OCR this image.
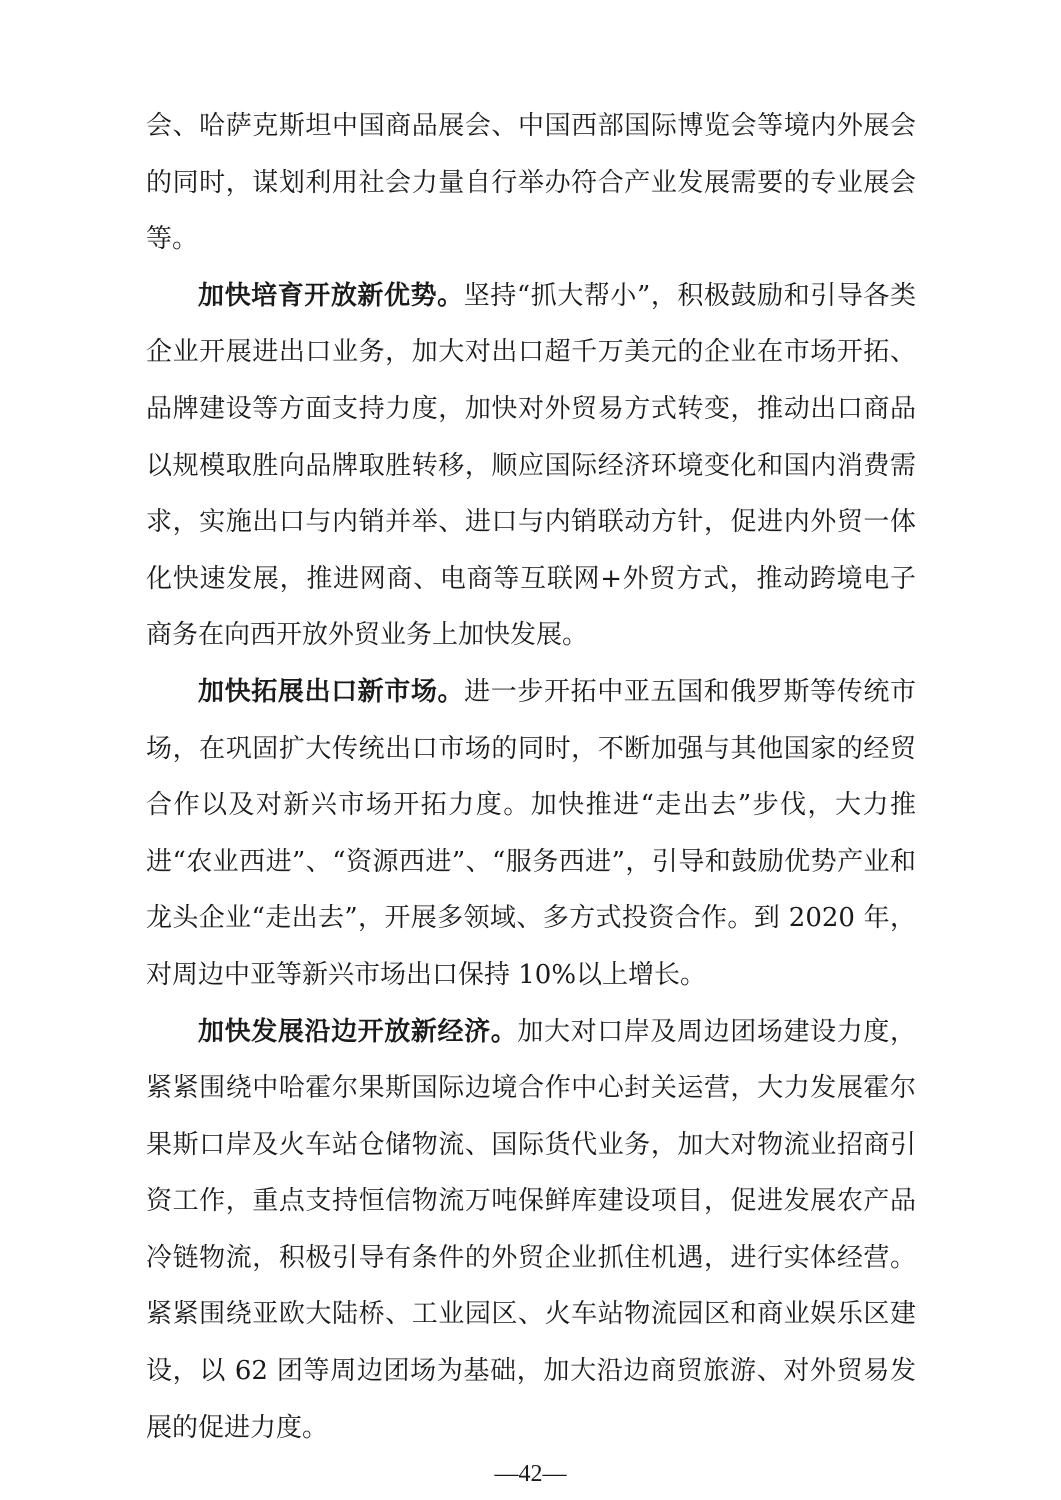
会、哈萨克斯坦中国商品展会、中国西部国际博览会等境内外展会的同时，谋划利用社会力量自行举办符合产业发展需要的专业展会等。

加快培育开放新优势。坚持“抓大帮小”，积极鼓励和引导各类企业开展进出口业务，加大对出口超千万美元的企业在市场开拓、品牌建设等方面支持力度，加快对外贸易方式转变，推动出口商品以规模取胜向品牌取胜转移，顺应国际经济环境变化和国内消费需求，实施出口与内销并举、进口与内销联动方针，促进内外贸一体化快速发展，推进网商、电商等互联网+外贸方式，推动跨境电子商务在向西开放外贸业务上加快发展。

加快拓展出口新市场。进一步开拓中亚五国和俄罗斯等传统市场，在巩固扩大传统出口市场的同时，不断加强与其他国家的经贸合作以及对新兴市场开拓力度。加快推进“走出去”步伐，大力推进“农业西进”、“资源西进”、“服务西进”，引导和鼓励优势产业和龙头企业“走出去”，开展多领域、多方式投资合作。到 2020 年，对周边中亚等新兴市场出口保持 10%以上增长。

加快发展沿边开放新经济。加大对口岸及周边团场建设力度，紧紧围绕中哈霍尔果斯国际边境合作中心封关运营，大力发展霍尔果斯口岸及火车站仓储物流、国际货代业务，加大对物流业招商引资工作，重点支持恒信物流万吨保鲜库建设项目，促进发展农产品冷链物流，积极引导有条件的外贸企业抓住机遇，进行实体经营。紧紧围绕亚欧大陆桥、工业园区、火车站物流园区和商业娱乐区建设，以 62 团等周边团场为基础，加大沿边商贸旅游、对外贸易发展的促进力度。

—42—
